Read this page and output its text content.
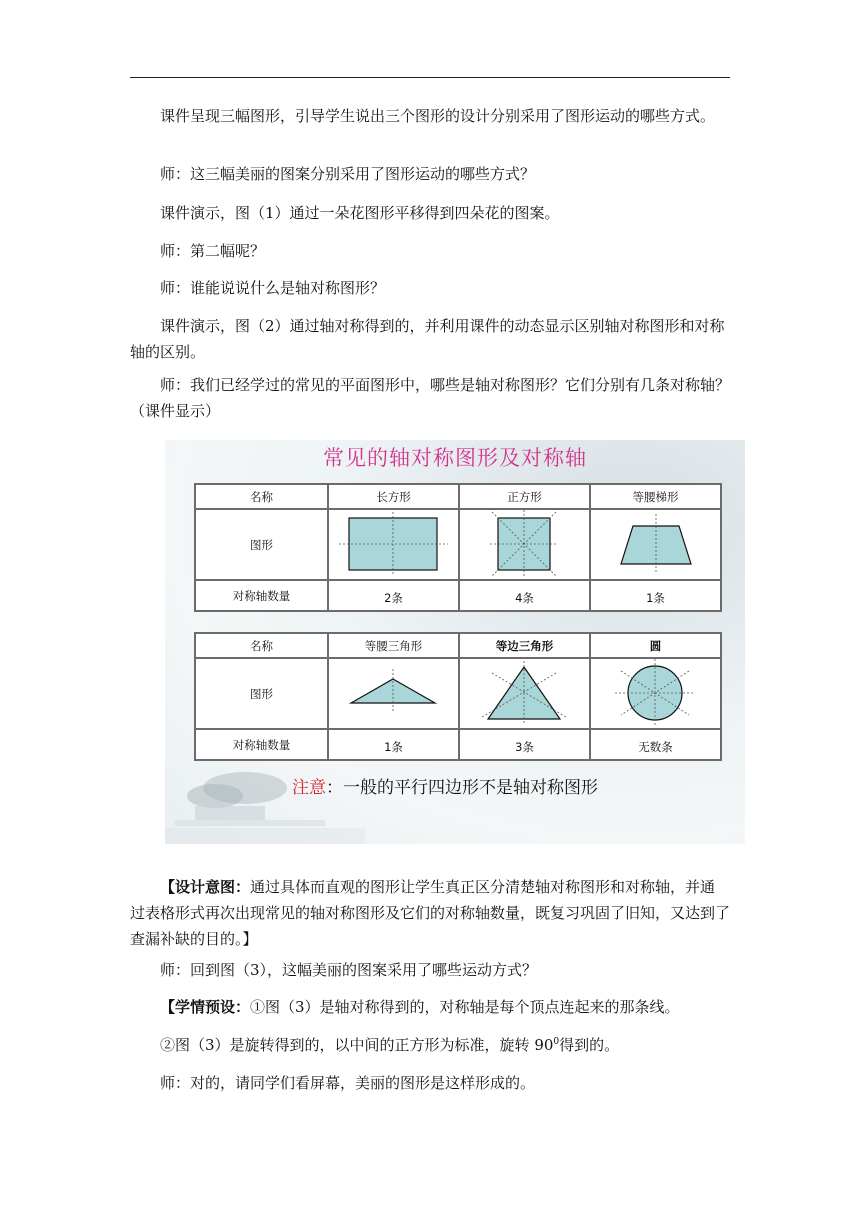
课件呈现三幅图形，引导学生说出三个图形的设计分别采用了图形运动的哪些方式。

师：这三幅美丽的图案分别采用了图形运动的哪些方式？

课件演示，图（1）通过一朵花图形平移得到四朵花的图案。

师：第二幅呢？

师：谁能说说什么是轴对称图形？

课件演示，图（2）通过轴对称得到的，并利用课件的动态显示区别轴对称图形和对称轴的区别。

师：我们已经学过的常见的平面图形中，哪些是轴对称图形？它们分别有几条对称轴？（课件显示）

常见的轴对称图形及对称轴
名称	长方形	正方形	等腰梯形
图形			
对称轴数量	2条	4条	1条
名称	等腰三角形	等边三角形	圆
图形			
对称轴数量	1条	3条	无数条
注意：一般的平行四边形不是轴对称图形

【设计意图：通过具体而直观的图形让学生真正区分清楚轴对称图形和对称轴，并通过表格形式再次出现常见的轴对称图形及它们的对称轴数量，既复习巩固了旧知，又达到了查漏补缺的目的。】

师：回到图（3），这幅美丽的图案采用了哪些运动方式？

【学情预设：①图（3）是轴对称得到的，对称轴是每个顶点连起来的那条线。

②图（3）是旋转得到的，以中间的正方形为标准，旋转 $90^0$得到的。

师：对的，请同学们看屏幕，美丽的图形是这样形成的。
